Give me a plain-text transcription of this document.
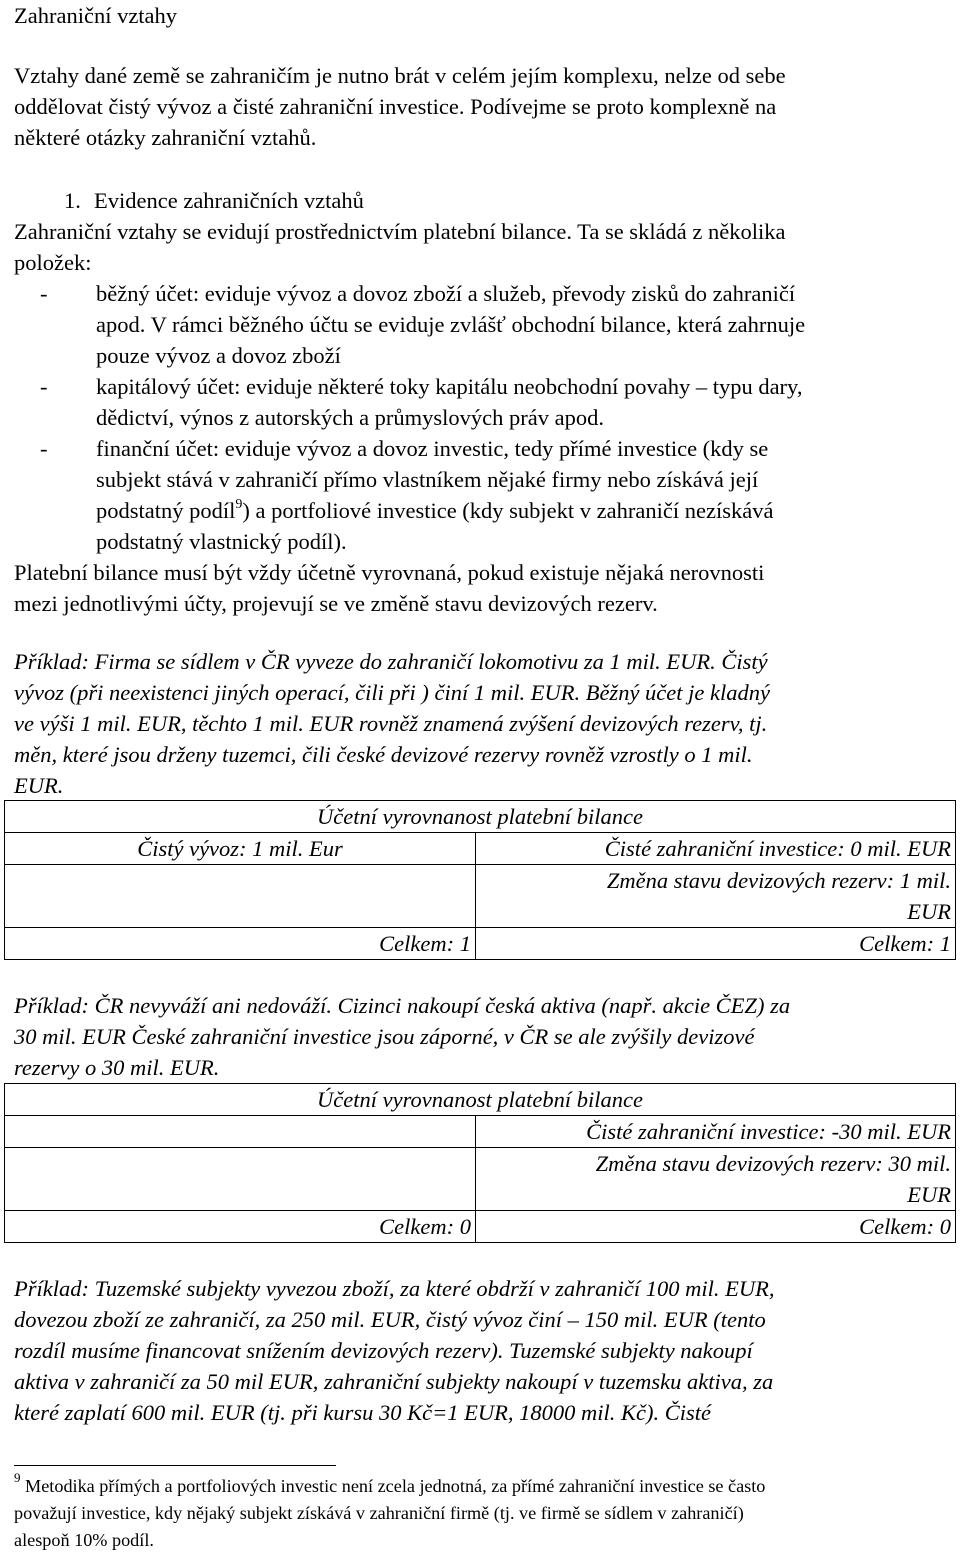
Zahraniční vztahy

Vztahy dané země se zahraničím je nutno brát v celém jejím komplexu, nelze od sebe

oddělovat čistý vývoz a čisté zahraniční investice. Podívejme se proto komplexně na

některé otázky zahraniční vztahů.

1. Evidence zahraničních vztahů

Zahraniční vztahy se evidují prostřednictvím platební bilance. Ta se skládá z několika

položek:

- běžný účet: eviduje vývoz a dovoz zboží a služeb, převody zisků do zahraničí
apod. V rámci běžného účtu se eviduje zvlášť obchodní bilance, která zahrnuje
pouze vývoz a dovoz zboží
- kapitálový účet: eviduje některé toky kapitálu neobchodní povahy – typu dary,
dědictví, výnos z autorských a průmyslových práv apod.
- finanční účet: eviduje vývoz a dovoz investic, tedy přímé investice (kdy se
subjekt stává v zahraničí přímo vlastníkem nějaké firmy nebo získává její
podstatný podíl$^9$) a portfoliové investice (kdy subjekt v zahraničí nezískává
podstatný vlastnický podíl).

Platební bilance musí být vždy účetně vyrovnaná, pokud existuje nějaká nerovnosti

mezi jednotlivými účty, projevují se ve změně stavu devizových rezerv.

Příklad: Firma se sídlem v ČR vyveze do zahraničí lokomotivu za 1 mil. EUR. Čistý

vývoz (při neexistenci jiných operací, čili při ) činí 1 mil. EUR. Běžný účet je kladný

ve výši 1 mil. EUR, těchto 1 mil. EUR rovněž znamená zvýšení devizových rezerv, tj.

měn, které jsou drženy tuzemci, čili české devizové rezervy rovněž vzrostly o 1 mil.

EUR.

Příklad: ČR nevyváží ani nedováží. Cizinci nakoupí česká aktiva (např. akcie ČEZ) za

30 mil. EUR České zahraniční investice jsou záporné, v ČR se ale zvýšily devizové

rezervy o 30 mil. EUR.

Příklad: Tuzemské subjekty vyvezou zboží, za které obdrží v zahraničí 100 mil. EUR,

dovezou zboží ze zahraničí, za 250 mil. EUR, čistý vývoz činí – 150 mil. EUR (tento

rozdíl musíme financovat snížením devizových rezerv). Tuzemské subjekty nakoupí

aktiva v zahraničí za 50 mil EUR, zahraniční subjekty nakoupí v tuzemsku aktiva, za

které zaplatí 600 mil. EUR (tj. při kursu 30 Kč=1 EUR, 18000 mil. Kč). Čisté

Účetní vyrovnanost platební bilance	
Čistý vývoz: 1 mil. Eur	Čisté zahraniční investice: 0 mil. EUR

	Změna stavu devizových rezerv: 1 mil.
EUR

Celkem: 1	Celkem: 1
Účetní vyrovnanost platební bilance	
	Čisté zahraniční investice: -30 mil. EUR

	Změna stavu devizových rezerv: 30 mil.
EUR

Celkem: 0	Celkem: 0

$^9$ Metodika přímých a portfoliových investic není zcela jednotná, za přímé zahraniční investice se často

považují investice, kdy nějaký subjekt získává v zahraniční firmě (tj. ve firmě se sídlem v zahraničí)

alespoň 10% podíl.
